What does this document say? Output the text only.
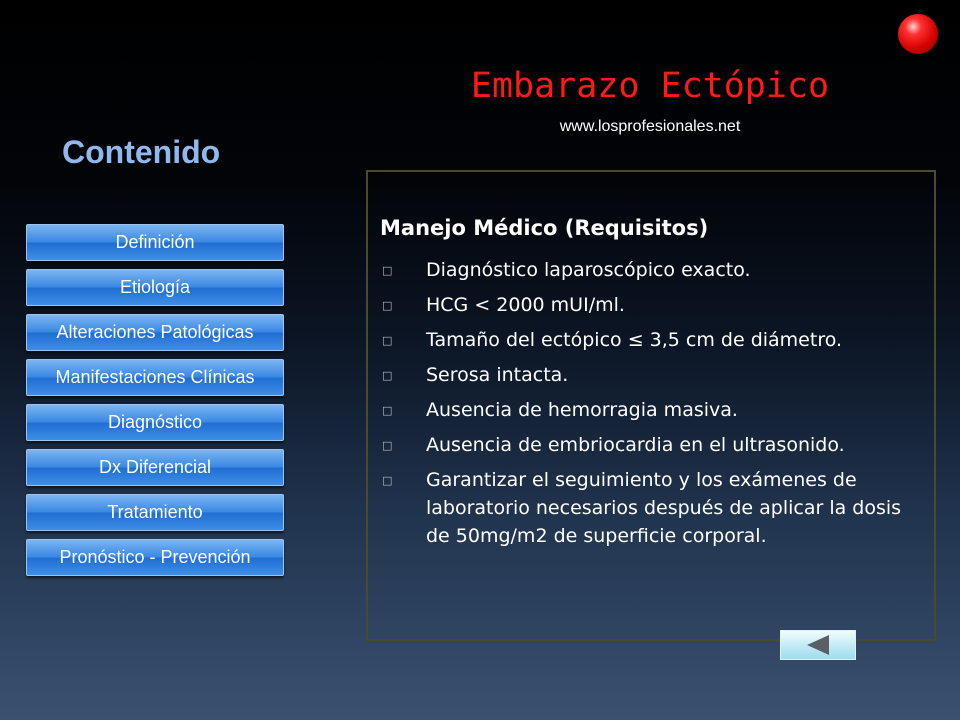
Embarazo Ectópico
www.losprofesionales.net
Contenido
Definición
Etiología
Alteraciones Patológicas
Manifestaciones Clínicas
Diagnóstico
Dx Diferencial
Tratamiento
Pronóstico - Prevención
Manejo Médico (Requisitos)
□	Diagnóstico laparoscópico exacto.
□	HCG < 2000 mUI/ml.
□	Tamaño del ectópico ≤ 3,5 cm de diámetro.
□	Serosa intacta.
□	Ausencia de hemorragia masiva.
□	Ausencia de embriocardia en el ultrasonido.
□	Garantizar el seguimiento y los exámenes de laboratorio necesarios después de aplicar la dosis de 50mg/m2 de superficie corporal.
